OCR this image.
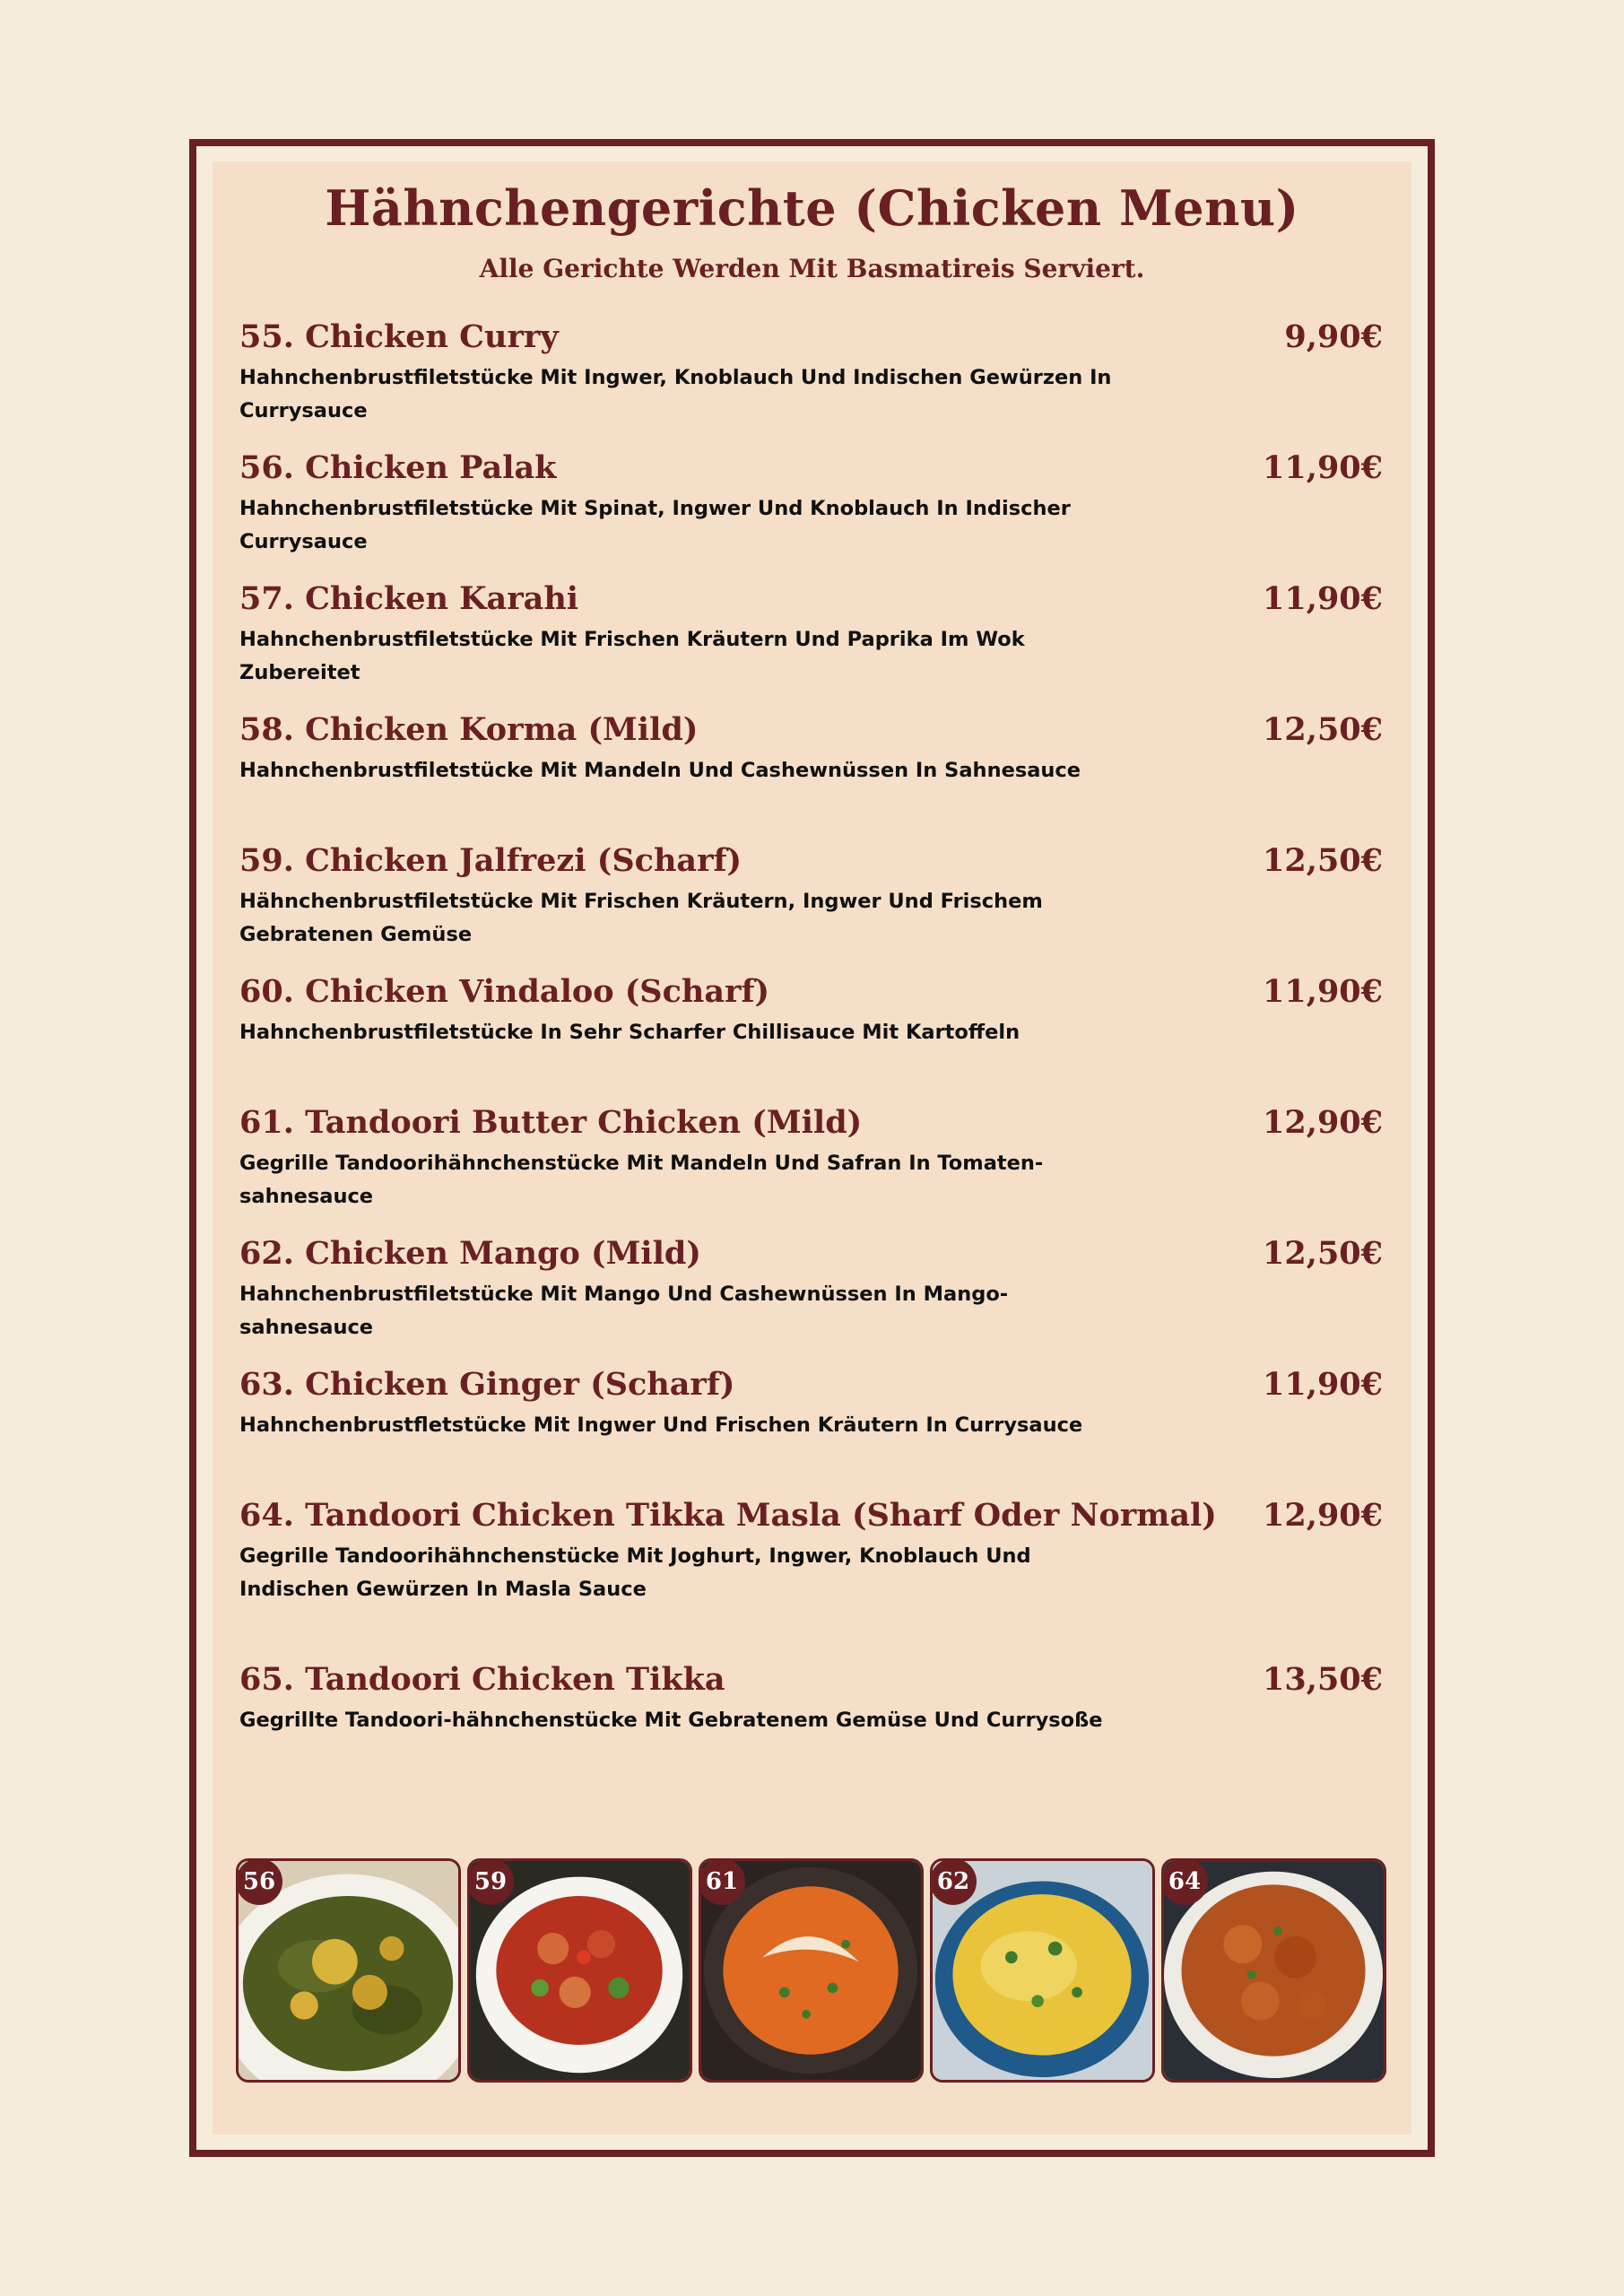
Hähnchengerichte (Chicken Menu)
Alle Gerichte Werden Mit Basmatireis Serviert.
55. Chicken Curry	9,90€
Hahnchenbrustfiletstücke Mit Ingwer, Knoblauch Und Indischen Gewürzen In Currysauce
56. Chicken Palak	11,90€
Hahnchenbrustfiletstücke Mit Spinat, Ingwer Und Knoblauch In Indischer Currysauce
57. Chicken Karahi	11,90€
Hahnchenbrustfiletstücke Mit Frischen Kräutern Und Paprika Im Wok Zubereitet
58. Chicken Korma (Mild)	12,50€
Hahnchenbrustfiletstücke Mit Mandeln Und Cashewnüssen In Sahnesauce
59. Chicken Jalfrezi (Scharf)	12,50€
Hähnchenbrustfiletstücke Mit Frischen Kräutern, Ingwer Und Frischem Gebratenen Gemüse
60. Chicken Vindaloo (Scharf)	11,90€
Hahnchenbrustfiletstücke In Sehr Scharfer Chillisauce Mit Kartoffeln
61. Tandoori Butter Chicken (Mild)	12,90€
Gegrille Tandoorihähnchenstücke Mit Mandeln Und Safran In Tomaten-sahnesauce
62. Chicken Mango (Mild)	12,50€
Hahnchenbrustfiletstücke Mit Mango Und Cashewnüssen In Mango-sahnesauce
63. Chicken Ginger (Scharf)	11,90€
Hahnchenbrustfletstücke Mit Ingwer Und Frischen Kräutern In Currysauce
64. Tandoori Chicken Tikka Masla (Sharf Oder Normal) 12,90€
Gegrille Tandoorihähnchenstücke Mit Joghurt, Ingwer, Knoblauch Und Indischen Gewürzen In Masla Sauce
65. Tandoori Chicken Tikka	13,50€
Gegrillte Tandoori-hähnchenstücke Mit Gebratenem Gemüse Und Currysoße
56	59	61	62	64
